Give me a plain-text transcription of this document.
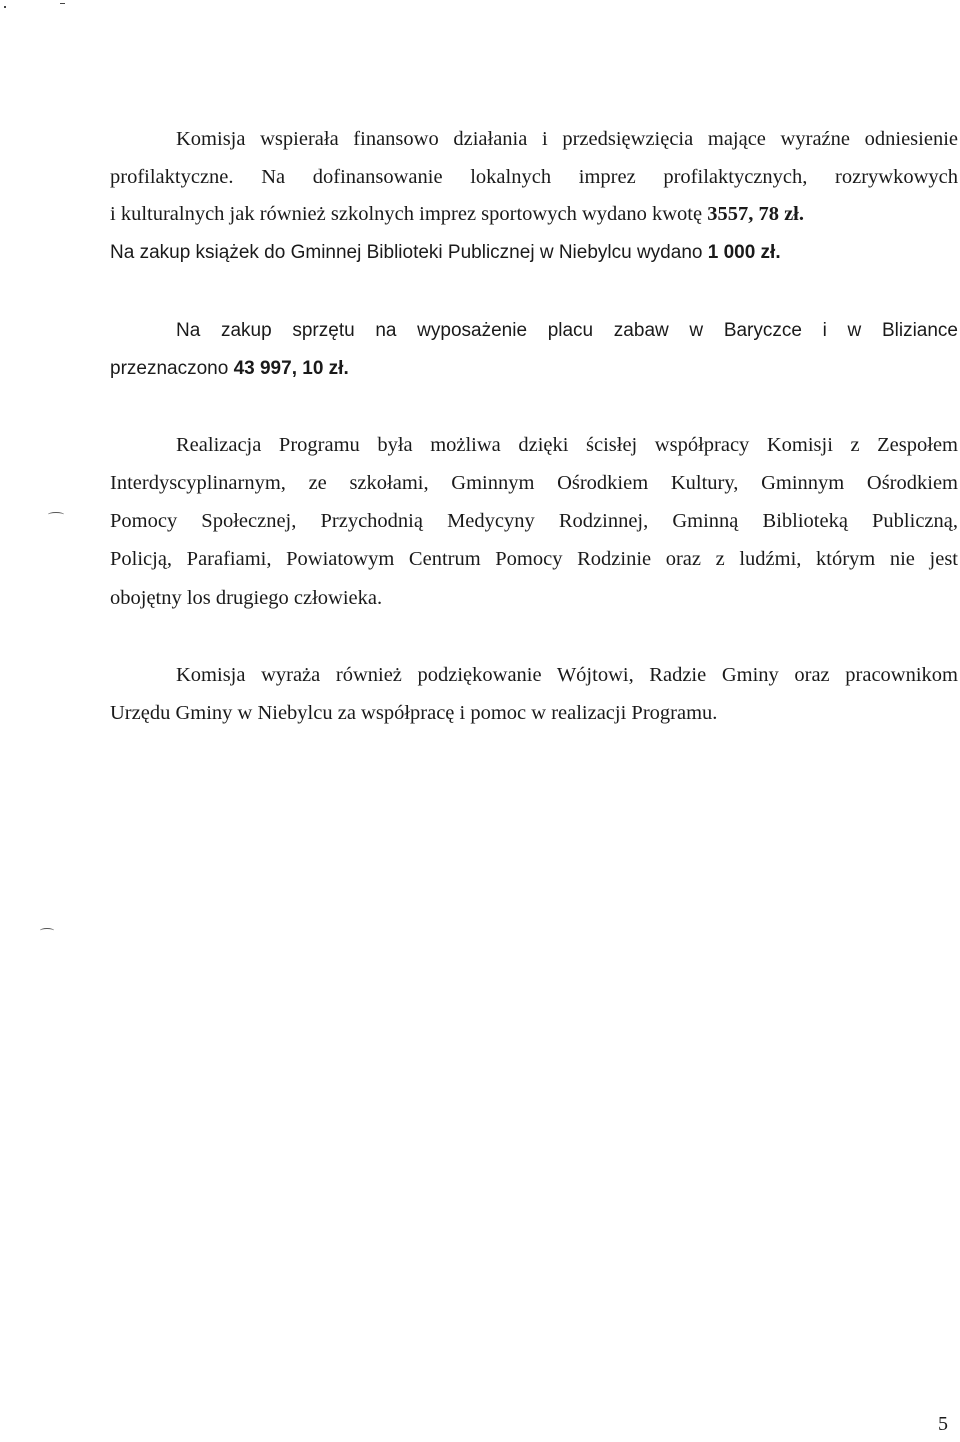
Komisja wspierała finansowo działania i przedsięwzięcia mające wyraźne odniesienie
profilaktyczne. Na dofinansowanie lokalnych imprez profilaktycznych, rozrywkowych
i kulturalnych jak również szkolnych imprez sportowych wydano kwotę 3557, 78 zł.
Na zakup książek do Gminnej Biblioteki Publicznej w Niebylcu wydano 1 000 zł.
Na zakup sprzętu na wyposażenie placu zabaw w Baryczce i w Bliziance
przeznaczono 43 997, 10 zł.
Realizacja Programu była możliwa dzięki ścisłej współpracy Komisji z Zespołem
Interdyscyplinarnym, ze szkołami, Gminnym Ośrodkiem Kultury, Gminnym Ośrodkiem
Pomocy Społecznej, Przychodnią Medycyny Rodzinnej, Gminną Biblioteką Publiczną,
Policją, Parafiami, Powiatowym Centrum Pomocy Rodzinie oraz z ludźmi, którym nie jest
obojętny los drugiego człowieka.
Komisja wyraża również podziękowanie Wójtowi, Radzie Gminy oraz pracownikom
Urzędu Gminy w Niebylcu za współpracę i pomoc w realizacji Programu.
5
